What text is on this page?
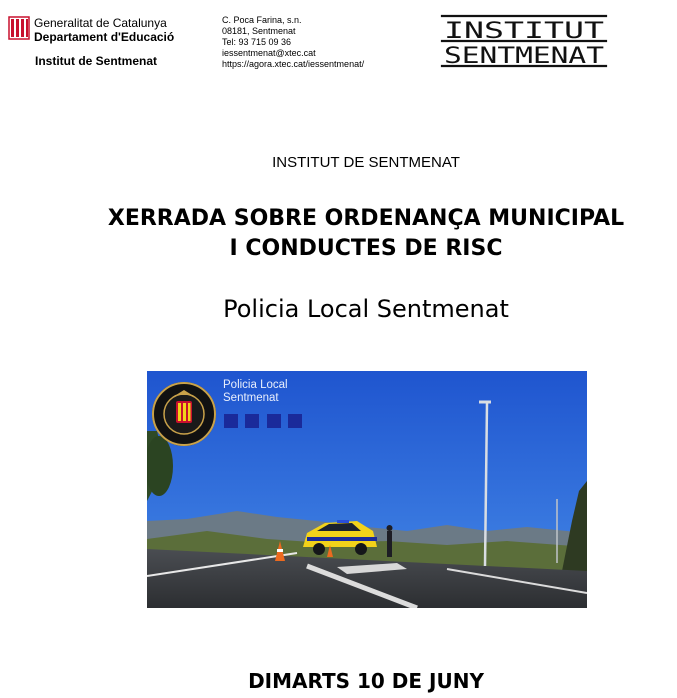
Generalitat de Catalunya
Departament d'Educació
Institut de Sentmenat
C. Poca Farina, s.n.
08181, Sentmenat
Tel: 93 715 09 36
iessentmenat@xtec.cat
https://agora.xtec.cat/iessentmenat/
INSTITUT
SENTMENAT
INSTITUT DE SENTMENAT
XERRADA SOBRE ORDENANÇA MUNICIPAL
I CONDUCTES DE RISC
Policia Local Sentmenat
Policia Local
Sentmenat
DIMARTS 10 DE JUNY
